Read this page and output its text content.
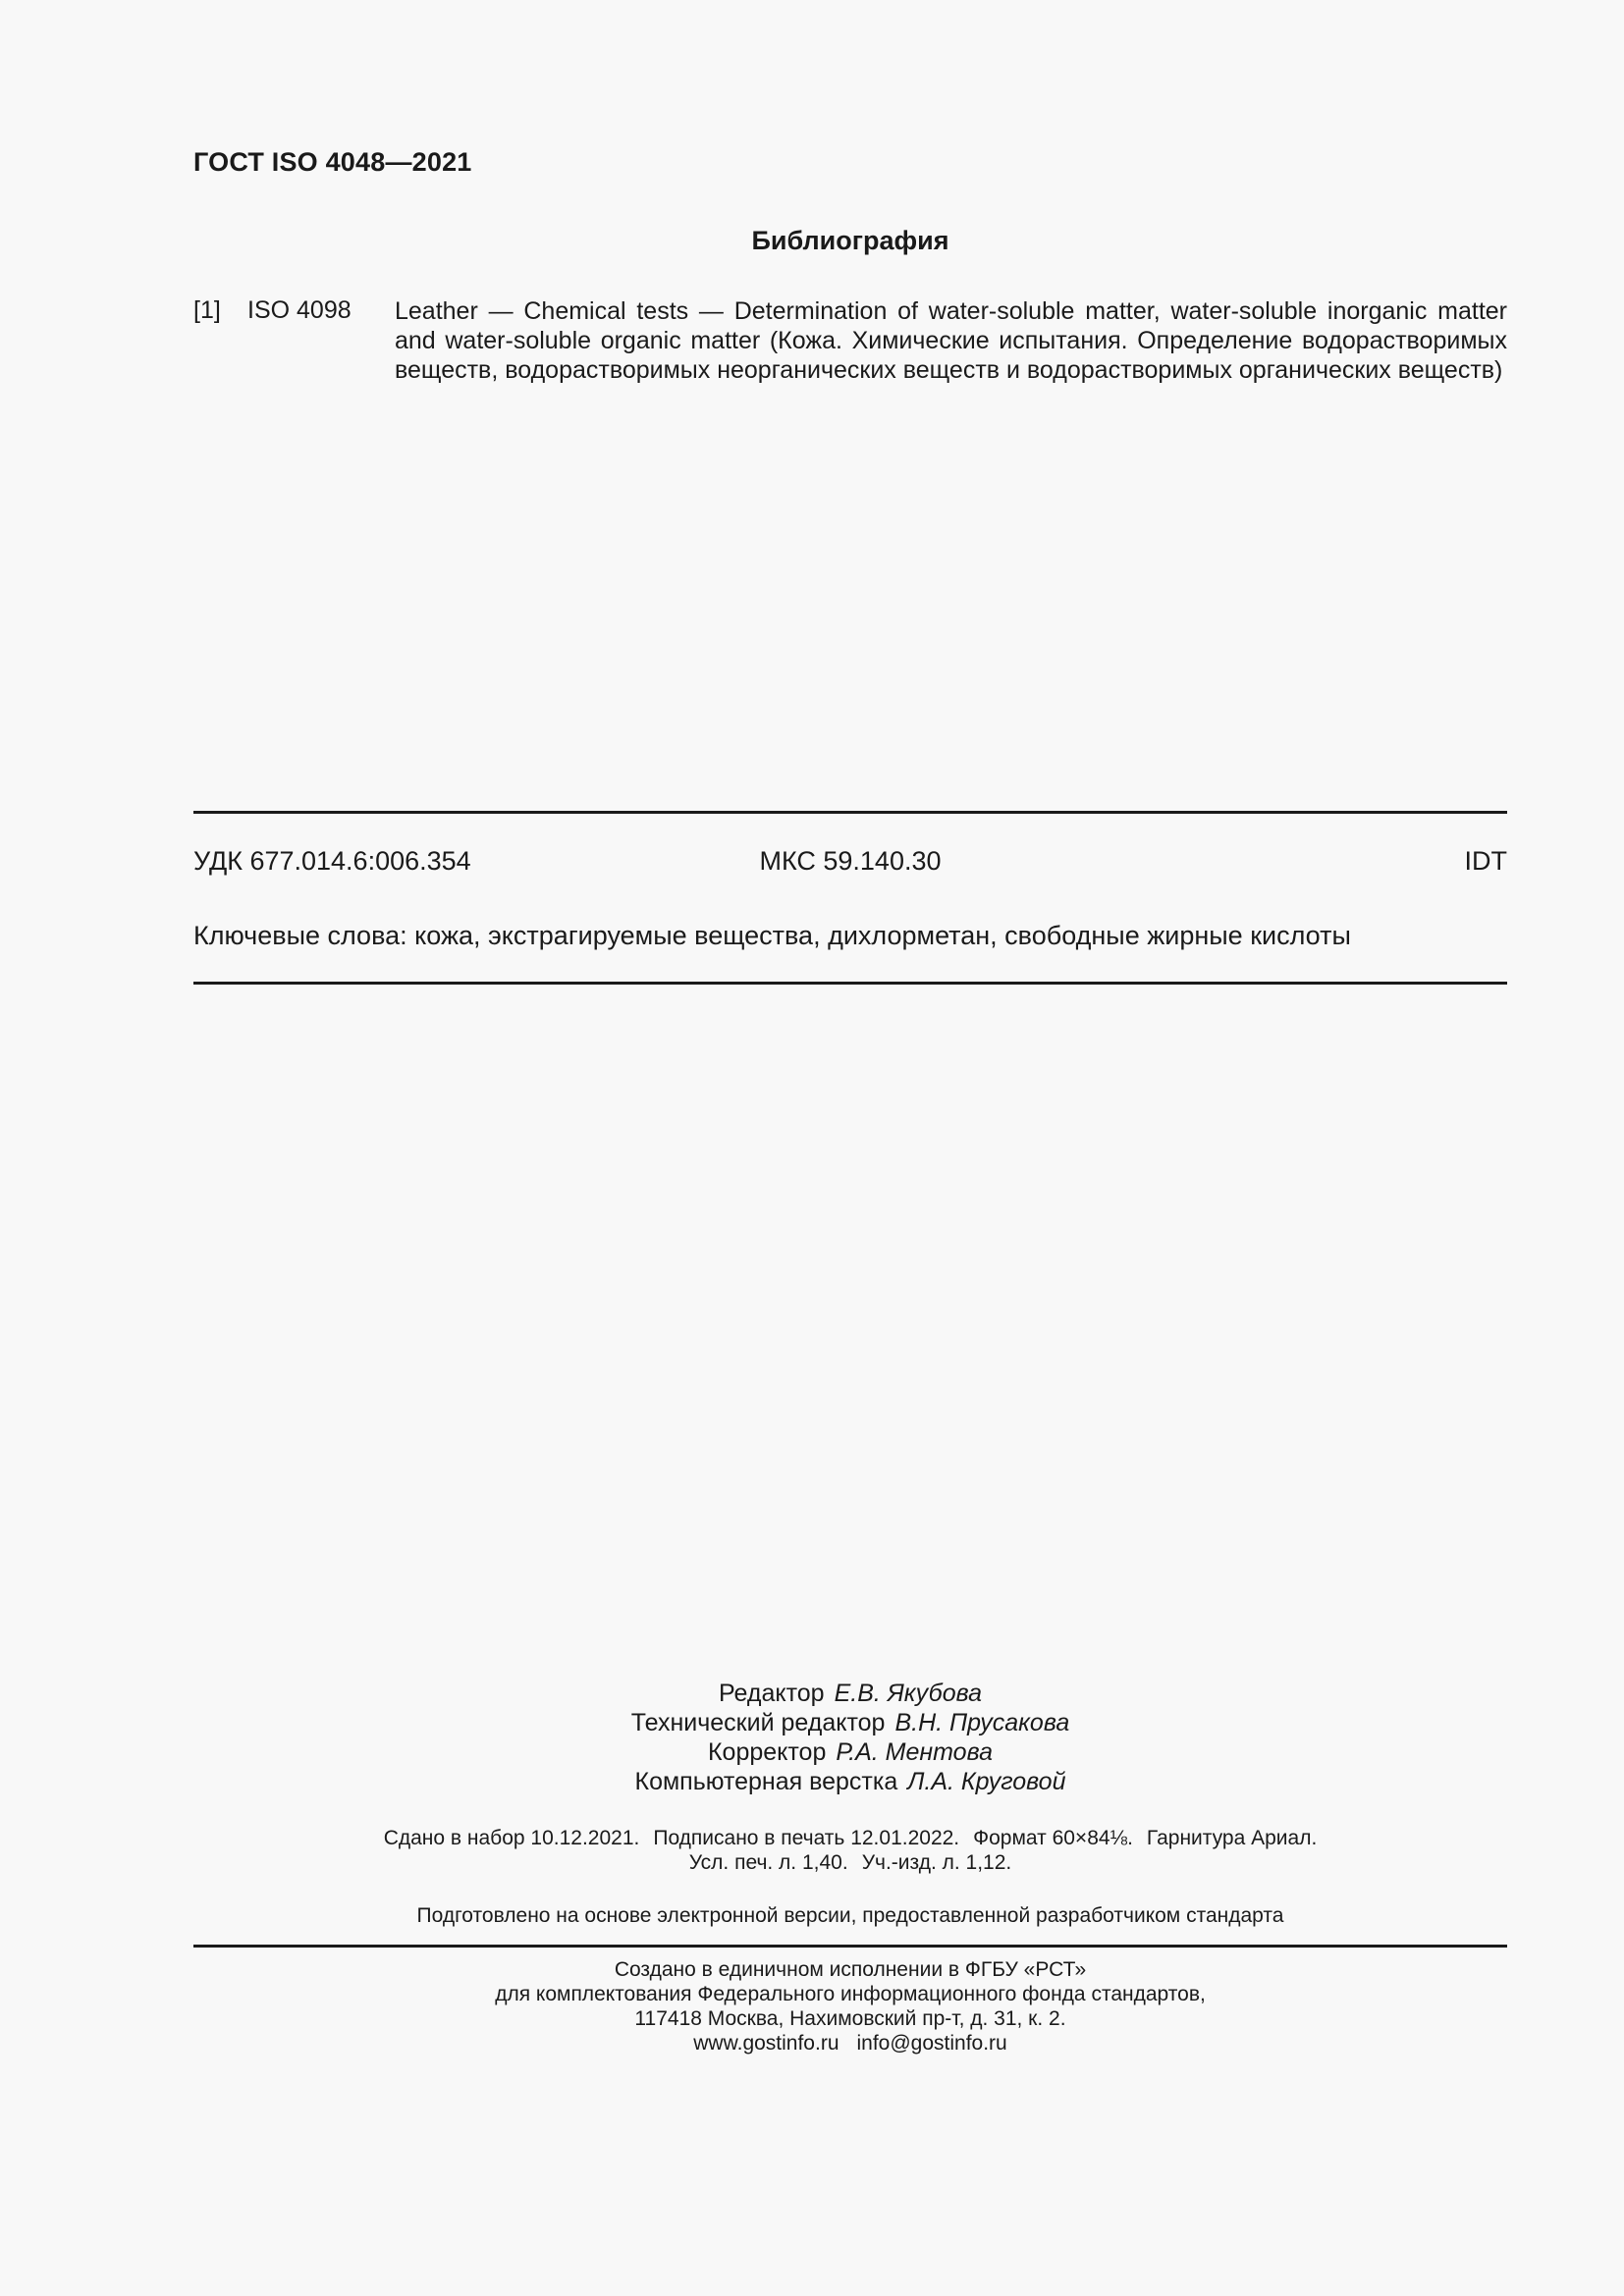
ГОСТ ISO 4048—2021
Библиография
[1] ISO 4098 Leather — Chemical tests — Determination of water-soluble matter, water-soluble inorganic matter and water-soluble organic matter (Кожа. Химические испытания. Определение водорастворимых веществ, водорастворимых неорганических веществ и водорастворимых органических веществ)
УДК 677.014.6:006.354	МКС 59.140.30	IDT
Ключевые слова: кожа, экстрагируемые вещества, дихлорметан, свободные жирные кислоты
Редактор Е.В. Якубова
Технический редактор В.Н. Прусакова
Корректор Р.А. Ментова
Компьютерная верстка Л.А. Круговой
Сдано в набор 10.12.2021. Подписано в печать 12.01.2022. Формат 60×84⅛. Гарнитура Ариал.
Усл. печ. л. 1,40. Уч.-изд. л. 1,12.
Подготовлено на основе электронной версии, предоставленной разработчиком стандарта
Создано в единичном исполнении в ФГБУ «РСТ»
для комплектования Федерального информационного фонда стандартов,
117418 Москва, Нахимовский пр-т, д. 31, к. 2.
www.gostinfo.ru info@gostinfo.ru
